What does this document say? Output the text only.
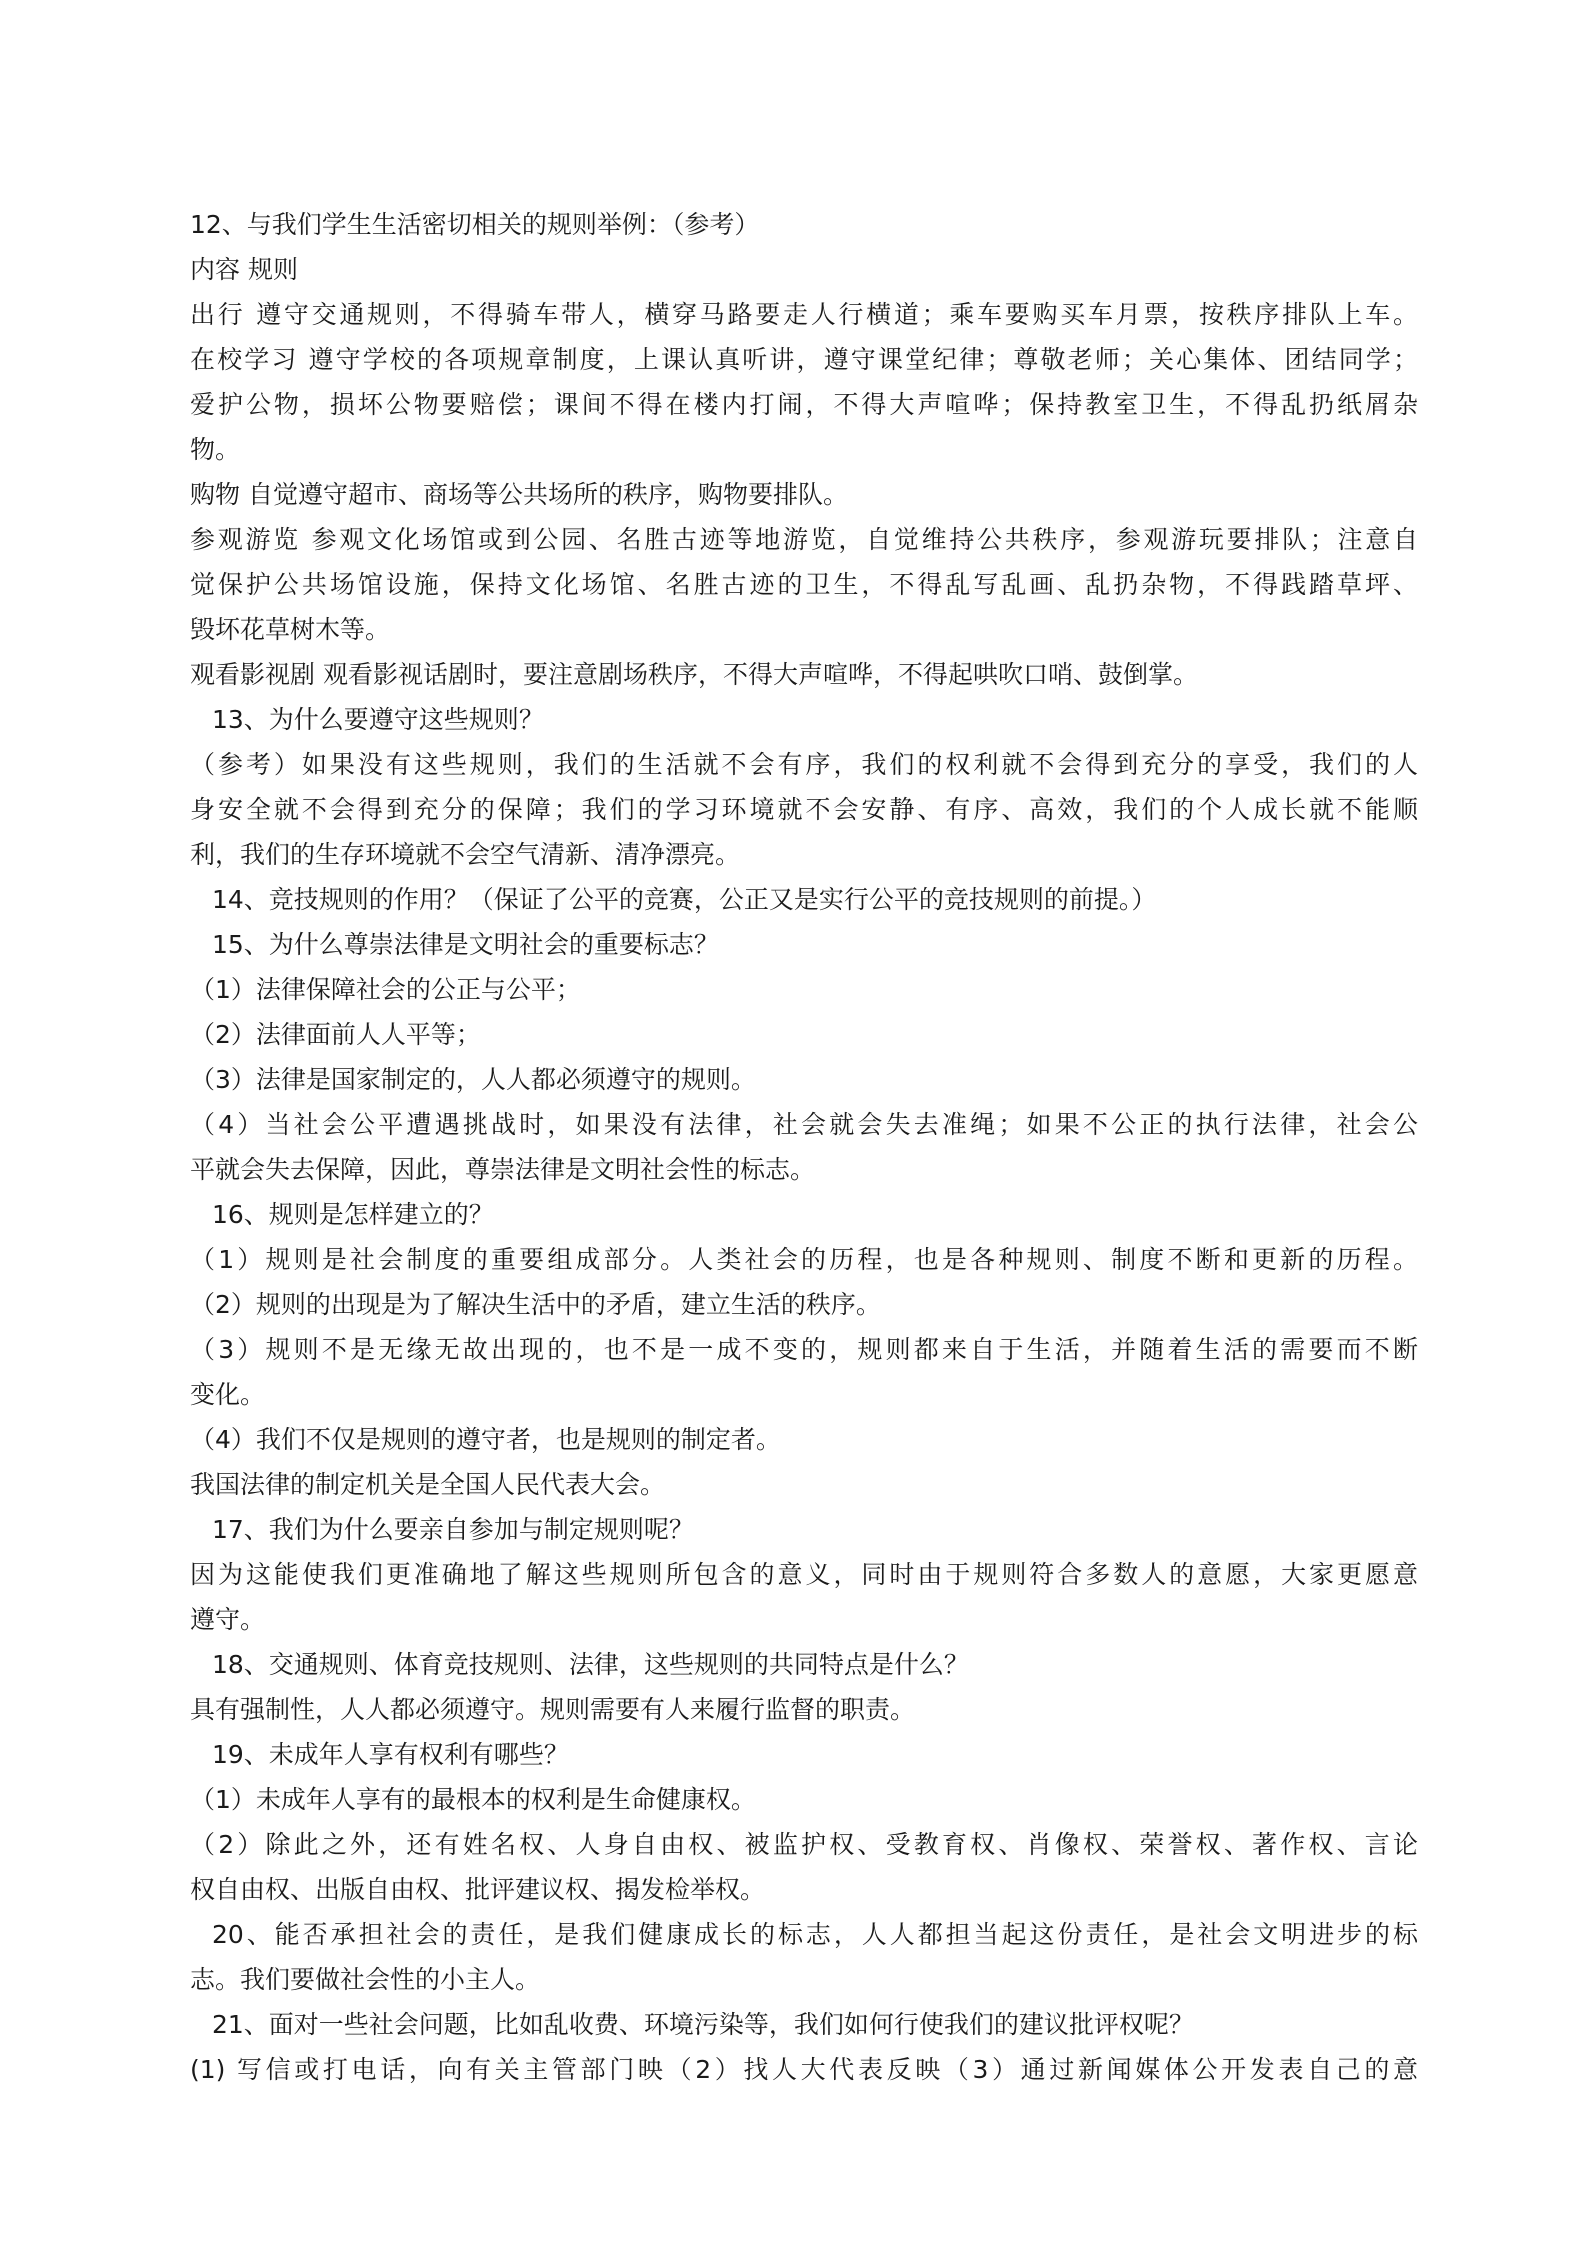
12、与我们学生生活密切相关的规则举例：（参考）
内容 规则
出行 遵守交通规则，不得骑车带人，横穿马路要走人行横道；乘车要购买车月票，按秩序排队上车。
在校学习 遵守学校的各项规章制度，上课认真听讲，遵守课堂纪律；尊敬老师；关心集体、团结同学；
爱护公物，损坏公物要赔偿；课间不得在楼内打闹，不得大声喧哗；保持教室卫生，不得乱扔纸屑杂
物。
购物 自觉遵守超市、商场等公共场所的秩序，购物要排队。
参观游览 参观文化场馆或到公园、名胜古迹等地游览，自觉维持公共秩序，参观游玩要排队；注意自
觉保护公共场馆设施，保持文化场馆、名胜古迹的卫生，不得乱写乱画、乱扔杂物，不得践踏草坪、
毁坏花草树木等。
观看影视剧 观看影视话剧时，要注意剧场秩序，不得大声喧哗，不得起哄吹口哨、鼓倒掌。
13、为什么要遵守这些规则？
（参考）如果没有这些规则，我们的生活就不会有序，我们的权利就不会得到充分的享受，我们的人
身安全就不会得到充分的保障；我们的学习环境就不会安静、有序、高效，我们的个人成长就不能顺
利，我们的生存环境就不会空气清新、清净漂亮。
14、竞技规则的作用？（保证了公平的竞赛，公正又是实行公平的竞技规则的前提。）
15、为什么尊崇法律是文明社会的重要标志？
（1）法律保障社会的公正与公平；
（2）法律面前人人平等；
（3）法律是国家制定的，人人都必须遵守的规则。
（4）当社会公平遭遇挑战时，如果没有法律，社会就会失去准绳；如果不公正的执行法律，社会公
平就会失去保障，因此，尊崇法律是文明社会性的标志。
16、规则是怎样建立的？
（1）规则是社会制度的重要组成部分。人类社会的历程，也是各种规则、制度不断和更新的历程。
（2）规则的出现是为了解决生活中的矛盾，建立生活的秩序。
（3）规则不是无缘无故出现的，也不是一成不变的，规则都来自于生活，并随着生活的需要而不断
变化。
（4）我们不仅是规则的遵守者，也是规则的制定者。
我国法律的制定机关是全国人民代表大会。
17、我们为什么要亲自参加与制定规则呢？
因为这能使我们更准确地了解这些规则所包含的意义，同时由于规则符合多数人的意愿，大家更愿意
遵守。
18、交通规则、体育竞技规则、法律，这些规则的共同特点是什么？
具有强制性，人人都必须遵守。规则需要有人来履行监督的职责。
19、未成年人享有权利有哪些？
（1）未成年人享有的最根本的权利是生命健康权。
（2）除此之外，还有姓名权、人身自由权、被监护权、受教育权、肖像权、荣誉权、著作权、言论
权自由权、出版自由权、批评建议权、揭发检举权。
20、能否承担社会的责任，是我们健康成长的标志，人人都担当起这份责任，是社会文明进步的标
志。我们要做社会性的小主人。
21、面对一些社会问题，比如乱收费、环境污染等，我们如何行使我们的建议批评权呢？
(1) 写信或打电话，向有关主管部门映（2）找人大代表反映（3）通过新闻媒体公开发表自己的意
